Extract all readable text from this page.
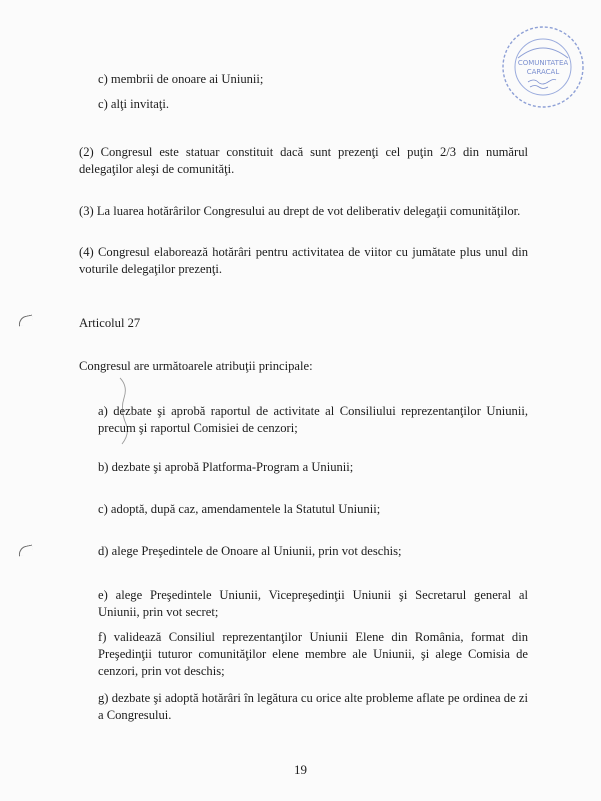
COMUNITATEA
CARACAL

c) membrii de onoare ai Uniunii;

c) alţi invitaţi.

(2) Congresul este statuar constituit dacă sunt prezenţi cel puţin 2/3 din numărul delegaţilor aleşi de comunităţi.

(3) La luarea hotărârilor Congresului au drept de vot deliberativ delegaţii comunităţilor.

(4) Congresul elaborează hotărâri pentru activitatea de viitor cu jumătate plus unul din voturile delegaţilor prezenţi.

Articolul 27

Congresul are următoarele atribuţii principale:

a) dezbate şi aprobă raportul de activitate al Consiliului reprezentanţilor Uniunii, precum şi raportul Comisiei de cenzori;

b) dezbate şi aprobă Platforma-Program a Uniunii;

c) adoptă, după caz, amendamentele la Statutul Uniunii;

d) alege Preşedintele de Onoare al Uniunii, prin vot deschis;

e) alege Preşedintele Uniunii, Vicepreşedinţii Uniunii şi Secretarul general al Uniunii, prin vot secret;

f) validează Consiliul reprezentanţilor Uniunii Elene din România, format din Preşedinţii tuturor comunităţilor elene membre ale Uniunii, şi alege Comisia de cenzori, prin vot deschis;

g) dezbate şi adoptă hotărâri în legătura cu orice alte probleme aflate pe ordinea de zi a Congresului.

19
